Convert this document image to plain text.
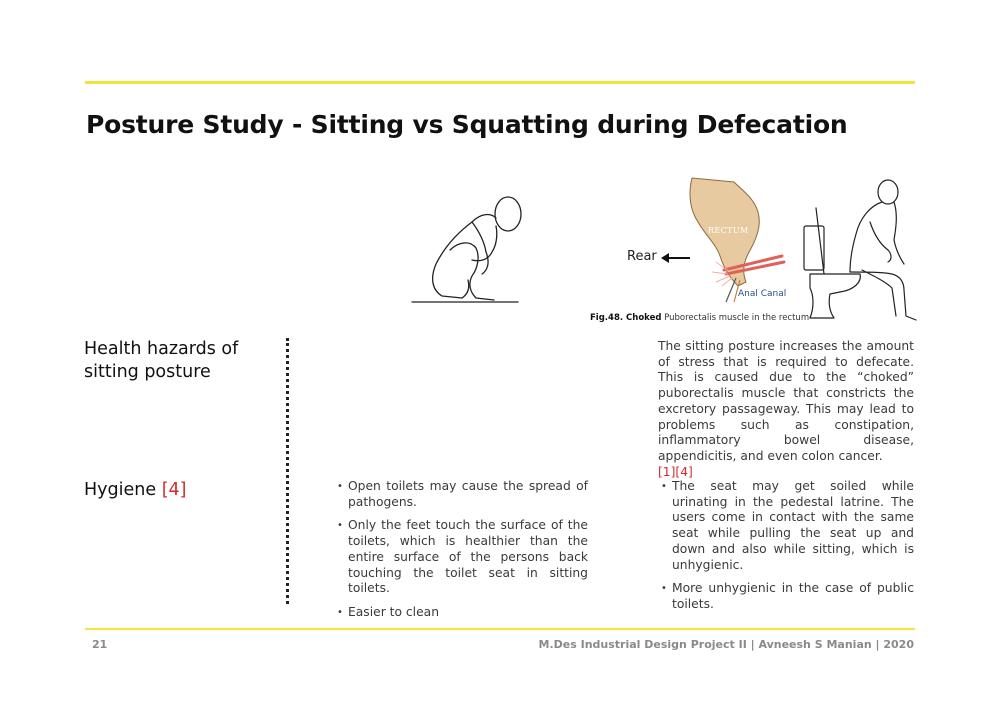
Posture Study - Sitting vs Squatting during Defecation
RECTUM
Anal Canal
Rear
Fig.48. Choked Puborectalis muscle in the rectum
Health hazards of sitting posture

The sitting posture increases the amount of stress that is required to defecate. This is caused due to the “choked” puborectalis muscle that constricts the excretory passageway. This may lead to problems such as constipation, inflammatory bowel disease, appendicitis, and even colon cancer.
[1][4]

Hygiene [4]
•	Open toilets may cause the spread of pathogens.
• Only the feet touch the surface of the toilets, which is healthier than the entire surface of the persons back touching the toilet seat in sitting toilets.
• Easier to clean
• The seat may get soiled while urinating in the pedestal latrine. The users come in contact with the same seat while pulling the seat up and down and also while sitting, which is unhygienic.
• More unhygienic in the case of public toilets.
21	M.Des Industrial Design Project II | Avneesh S Manian | 2020
